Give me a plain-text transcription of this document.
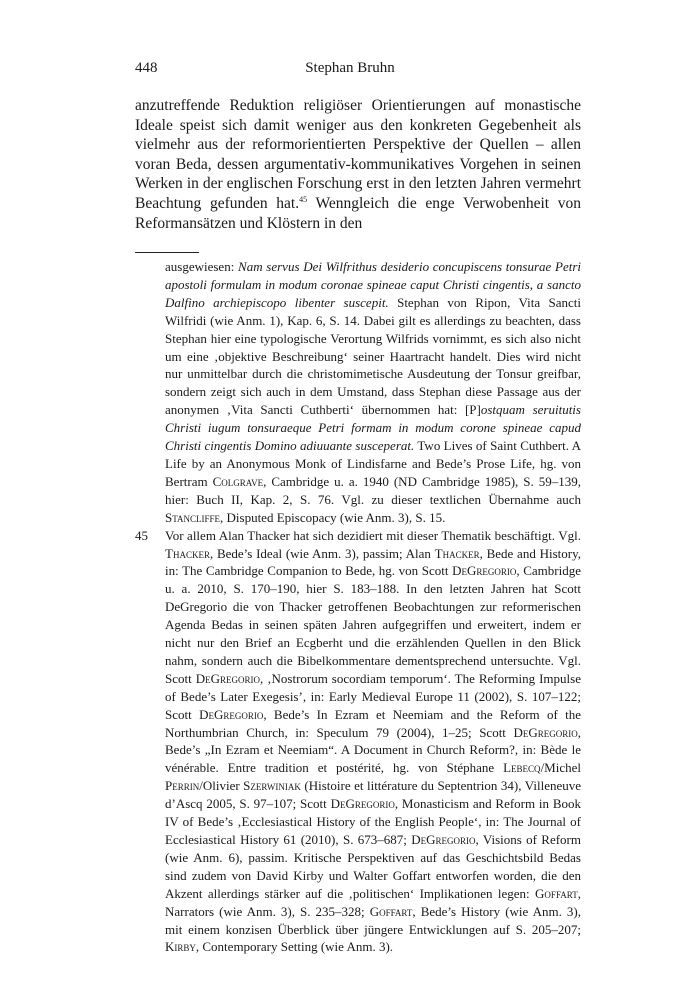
448	Stephan Bruhn
anzutreffende Reduktion religiöser Orientierungen auf monastische Ideale speist sich damit weniger aus den konkreten Gegebenheit als vielmehr aus der reformorientierten Perspektive der Quellen – allen voran Beda, dessen argumentativ-kommunikatives Vorgehen in seinen Werken in der englischen Forschung erst in den letzten Jahren vermehrt Beachtung gefunden hat.$^{45}$ Wenngleich die enge Verwobenheit von Reformansätzen und Klöstern in den

ausgewiesen: Nam servus Dei Wilfrithus desiderio concupiscens tonsurae Petri apostoli formulam in modum coronae spineae caput Christi cingentis, a sancto Dalfino archiepiscopo libenter suscepit. Stephan von Ripon, Vita Sancti Wilfridi (wie Anm. 1), Kap. 6, S. 14. Dabei gilt es allerdings zu beachten, dass Stephan hier eine typologische Verortung Wilfrids vornimmt, es sich also nicht um eine ‚objektive Beschreibung‘ seiner Haartracht handelt. Dies wird nicht nur unmittelbar durch die christomimetische Ausdeutung der Tonsur greifbar, sondern zeigt sich auch in dem Umstand, dass Stephan diese Passage aus der anonymen ‚Vita Sancti Cuthberti‘ übernommen hat: [P]ostquam seruitutis Christi iugum tonsuraeque Petri formam in modum corone spineae capud Christi cingentis Domino adiuuante susceperat. Two Lives of Saint Cuthbert. A Life by an Anonymous Monk of Lindisfarne and Bede’s Prose Life, hg. von Bertram Colgrave, Cambridge u. a. 1940 (ND Cambridge 1985), S. 59–139, hier: Buch II, Kap. 2, S. 76. Vgl. zu dieser textlichen Übernahme auch Stancliffe, Disputed Episcopacy (wie Anm. 3), S. 15.

45 Vor allem Alan Thacker hat sich dezidiert mit dieser Thematik beschäftigt. Vgl. Thacker, Bede’s Ideal (wie Anm. 3), passim; Alan Thacker, Bede and History, in: The Cambridge Companion to Bede, hg. von Scott DeGregorio, Cambridge u. a. 2010, S. 170–190, hier S. 183–188. In den letzten Jahren hat Scott DeGregorio die von Thacker getroffenen Beobachtungen zur reformerischen Agenda Bedas in seinen späten Jahren aufgegriffen und erweitert, indem er nicht nur den Brief an Ecgberht und die erzählenden Quellen in den Blick nahm, sondern auch die Bibelkommentare dementsprechend untersuchte. Vgl. Scott DeGregorio, ‚Nostrorum socordiam temporum‘. The Reforming Impulse of Bede’s Later Exegesis’, in: Early Medieval Europe 11 (2002), S. 107–122; Scott DeGregorio, Bede’s In Ezram et Neemiam and the Reform of the Northumbrian Church, in: Speculum 79 (2004), 1–25; Scott DeGregorio, Bede’s „In Ezram et Neemiam“. A Document in Church Reform?, in: Bède le vénérable. Entre tradition et postérité, hg. von Stéphane Lebecq/Michel Perrin/Olivier Szerwiniak (Histoire et littérature du Septentrion 34), Villeneuve d’Ascq 2005, S. 97–107; Scott DeGregorio, Monasticism and Reform in Book IV of Bede’s ‚Ecclesiastical History of the English People‘, in: The Journal of Ecclesiastical History 61 (2010), S. 673–687; DeGregorio, Visions of Reform (wie Anm. 6), passim. Kritische Perspektiven auf das Geschichtsbild Bedas sind zudem von David Kirby und Walter Goffart entworfen worden, die den Akzent allerdings stärker auf die ‚politischen‘ Implikationen legen: Goffart, Narrators (wie Anm. 3), S. 235–328; Goffart, Bede’s History (wie Anm. 3), mit einem konzisen Überblick über jüngere Entwicklungen auf S. 205–207; Kirby, Contemporary Setting (wie Anm. 3).
